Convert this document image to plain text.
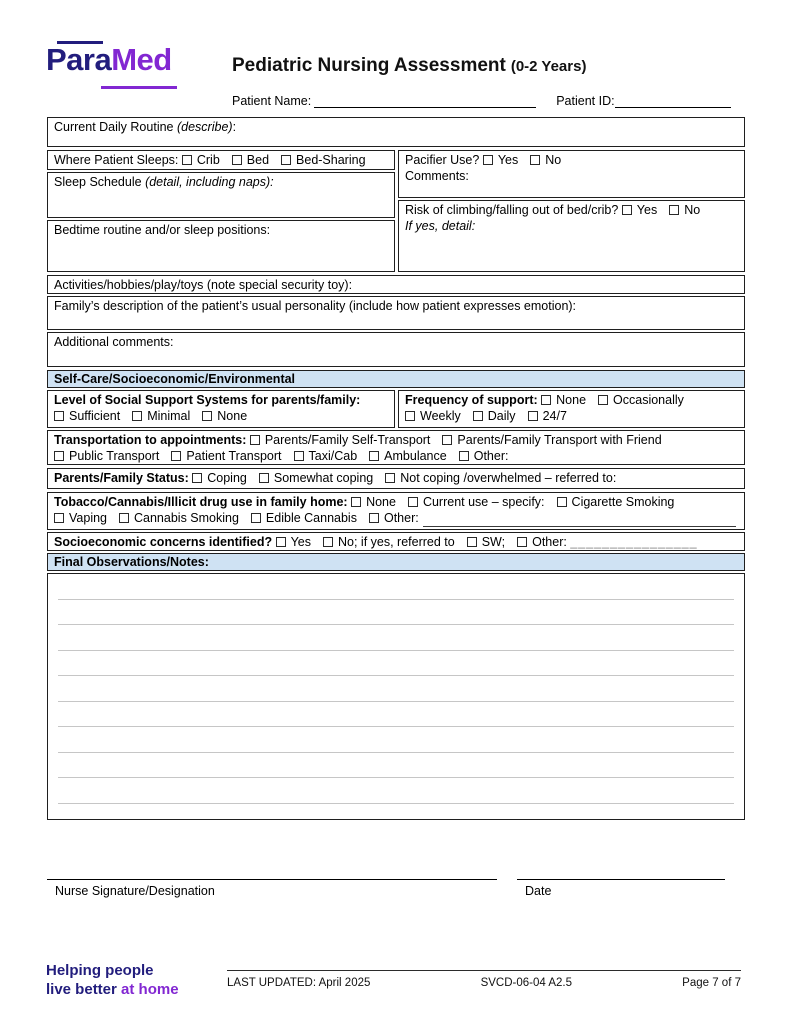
ParaMed	Pediatric Nursing Assessment (0-2 Years)
Patient Name:	Patient ID:
Current Daily Routine (describe):
Where Patient Sleeps: Crib Bed Bed-Sharing
Sleep Schedule (detail, including naps):
Bedtime routine and/or sleep positions:
Pacifier Use? Yes No
Comments:
Risk of climbing/falling out of bed/crib? Yes No
If yes, detail:
Activities/hobbies/play/toys (note special security toy):
Family’s description of the patient’s usual personality (include how patient expresses emotion):
Additional comments:
Self-Care/Socioeconomic/Environmental
Level of Social Support Systems for parents/family: Sufficient Minimal None
Frequency of support: None OccasionallyWeekly Daily 24/7
Transportation to appointments: Parents/Family Self-Transport Parents/Family Transport with FriendPublic Transport Patient Transport Taxi/Cab Ambulance Other:
Parents/Family Status: Coping Somewhat coping Not coping /overwhelmed – referred to:
Tobacco/Cannabis/Illicit drug use in family home: None Current use – specify: Cigarette Smoking
Vaping Cannabis Smoking Edible Cannabis Other:
Socioeconomic concerns identified? Yes No; if yes, referred to SW; Other: ________________
Final Observations/Notes:
Nurse Signature/Designation	Date
Helping people
live better at home	LAST UPDATED: April 2025	SVCD-06-04 A2.5	Page 7 of 7
